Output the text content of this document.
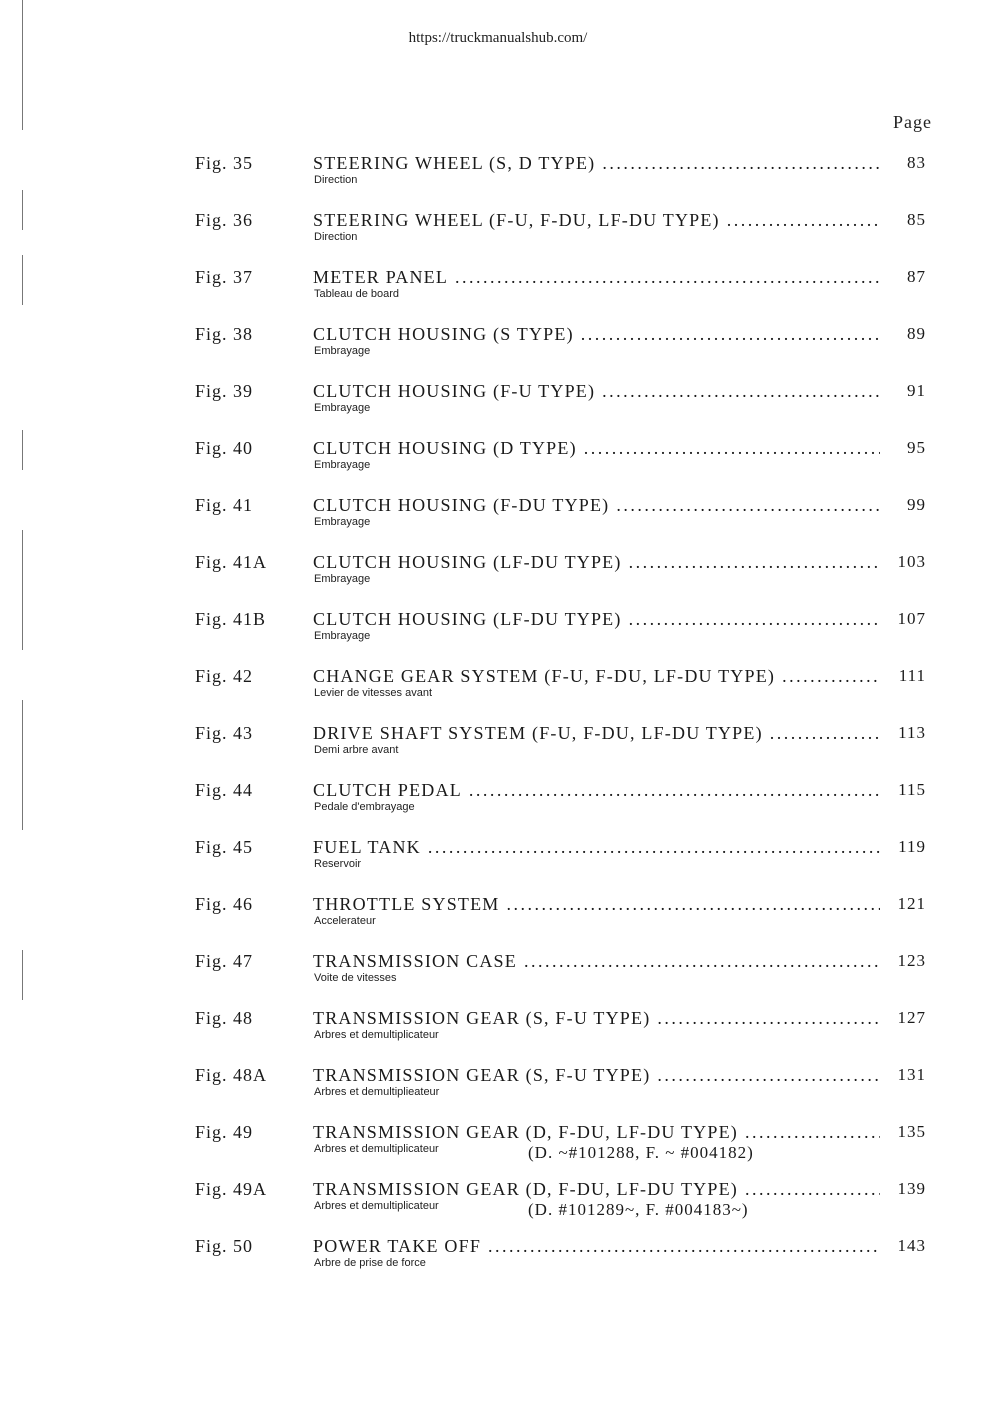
https://truckmanualshub.com/
Page
Fig. 35	STEERING WHEEL (S, D TYPE) .....	83
Direction
Fig. 36	STEERING WHEEL (F-U, F-DU, LF-DU TYPE) .....	85
Direction
Fig. 37	METER PANEL .....	87
Tableau de board
Fig. 38	CLUTCH HOUSING (S TYPE) .....	89
Embrayage
Fig. 39	CLUTCH HOUSING (F-U TYPE) .....	91
Embrayage
Fig. 40	CLUTCH HOUSING (D TYPE) .....	95
Embrayage
Fig. 41	CLUTCH HOUSING (F-DU TYPE) .....	99
Embrayage
Fig. 41A	CLUTCH HOUSING (LF-DU TYPE) .....	103
Embrayage
Fig. 41B	CLUTCH HOUSING (LF-DU TYPE) .....	107
Embrayage
Fig. 42	CHANGE GEAR SYSTEM (F-U, F-DU, LF-DU TYPE) .....	111
Levier de vitesses avant
Fig. 43	DRIVE SHAFT SYSTEM (F-U, F-DU, LF-DU TYPE) .....	113
Demi arbre avant
Fig. 44	CLUTCH PEDAL .....	115
Pedale d'embrayage
Fig. 45	FUEL TANK .....	119
Reservoir
Fig. 46	THROTTLE SYSTEM .....	121
Accelerateur
Fig. 47	TRANSMISSION CASE .....	123
Voite de vitesses
Fig. 48	TRANSMISSION GEAR (S, F-U TYPE) .....	127
Arbres et demultiplicateur
Fig. 48A	TRANSMISSION GEAR (S, F-U TYPE) .....	131
Arbres et demultiplieateur
Fig. 49	TRANSMISSION GEAR (D, F-DU, LF-DU TYPE) .....	135
Arbres et demultiplicateur	(D. ~#101288, F. ~ #004182)
Fig. 49A	TRANSMISSION GEAR (D, F-DU, LF-DU TYPE) .....	139
Arbres et demultiplicateur	(D. #101289~, F. #004183~)
Fig. 50	POWER TAKE OFF .....	143
Arbre de prise de force
